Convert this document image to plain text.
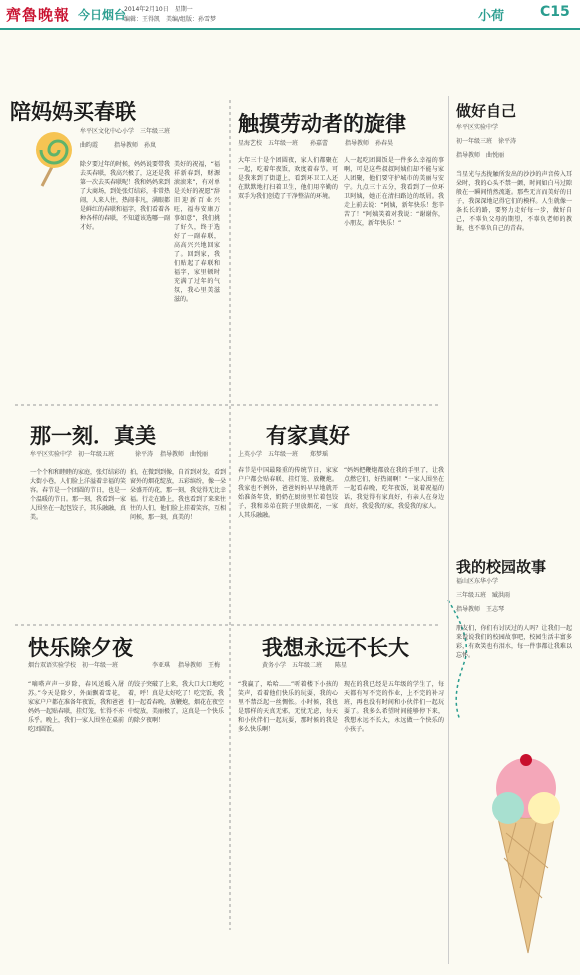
齊魯晚報 今日烟台
2014年2月10日　星期一
编辑：王得凯　美编/组版：孙雪梦	小荷	C15
陪妈妈买春联
牟平区文化中心小学　三年级三班
曲昀霞	指导教师　孙岚
除夕要过年的时候，妈妈说要带我去买春联，我高兴极了，这还是我第一次去买春联呢！我和妈妈来到了大商场，到处张灯结彩，非常热闹，人来人往，热闹非凡，满眼都是鲜红的春联和福字，我们看着各种各样的春联，不知道该选哪一副才好。
美好的祝福，“福祥新春到，财源滚滚来”，有对单是关好的祝愿“辞旧迎新百业兴旺，福寿安康万事如意”，我们挑了好久，终于选好了一副春联，高高兴兴地回家了。回到家，我们贴起了春联和福字，家里顿时充满了过年的气氛，我心里美滋滋的。
触摸劳动者的旋律
星海艺校　五年级一班	孙嘉蕾	指导教师　孙春昊
大年三十是个团圆夜，家人们都聚在一起，吃着年夜饭，欢度着春节。可是我来到了街道上，看到环卫工人还在默默地打扫着卫生，他们用辛勤的双手为我们创造了干净整洁的环境。
人一起吃团圆饭是一件多么幸福的事啊，可是这些叔叔阿姨们却不能与家人团聚，他们要守护城市的美丽与安宁。九点三十五分，我看到了一位环卫阿姨，她正在清扫路边的纸屑。我走上前去说：“阿姨，新年快乐！您辛苦了！”阿姨笑着对我说：“谢谢你，小朋友，新年快乐！”
那一刻．真美
牟平区实验中学　初一年级五班	徐平涛 指导教师　曲悦丽
一个个和和睦睦的家庭，张灯结彩的大街小巷，人们脸上洋溢着幸福的笑容。春节是一个团圆的节日，也是一个温暖的节日。那一刻，我看到一家人围坐在一起包饺子，其乐融融，真美。
拍，在微到到像，自首到对发，看到窗外的烟花绽放，五彩缤纷，像一朵朵盛开的花，那一刻，我觉得无比幸福。行走在路上，我也看到了来来往往的人们，他们脸上挂着笑容，互相问候，那一刻，真美的！
有家真好
上英小学　五年级一班 郑梦瑶
春节是中国最隆重的传统节日，家家户户都会贴春联、挂灯笼、放鞭炮。我家也不例外，爸爸妈妈早早地就开始准备年货，奶奶在厨房里忙着包饺子，我和弟弟在院子里放烟花，一家人其乐融融。
“妈妈把鞭炮都放在我的手里了，让我点燃它们，好热闹啊！”一家人围坐在一起看春晚，吃年夜饭，说着祝福的话，我觉得有家真好，有亲人在身边真好，我爱我的家，我爱我的家人。
快乐除夕夜
烟台双语实验学校　初一年级一班	李亚琪 指导教师　王梅
“嘀嗒声声一岁除，春风送暖入屠苏。”今天是除夕，外面飘着雪花，家家户户都在准备年夜饭，我和爸爸妈妈一起贴春联，挂灯笼，忙得不亦乐乎。晚上，我们一家人围坐在桌前吃团圆饭。
的饺子突破了上来，我大口大口地吃着，呼！真是太好吃了！吃完饭，我们一起看春晚，放鞭炮，烟花在夜空中绽放，美丽极了，这真是一个快乐的除夕夜啊！
我想永远不长大
黄务小学　五年级二班 陈星
“我赢了，哈哈……”听着楼下小孩的笑声，看着他们快乐的玩耍，我的心里不禁泛起一丝惆怅。小时候，我也是那样的天真无邪，无忧无虑，每天和小伙伴们一起玩耍，那时候的我是多么快乐啊！
现在的我已经是五年级的学生了，每天都有写不完的作业，上不完的补习班，再也没有时间和小伙伴们一起玩耍了。我多么希望时间能够停下来，我想永远不长大，永远做一个快乐的小孩子。
做好自己
牟平区实验中学
初一年级三班　徐平涛
指导教师　曲悦丽
当星光与杰拢触所发出的沙沙的声音传入耳朵时，我的心头不禁一颤，时间如白马过隙般在一瞬间悄然流逝。那些无言而美好的日子，我深深地记得它们的模样。人生就像一条长长的路，要努力走好每一步，做好自己，不辜负父母的期望，不辜负老师的教诲，也不辜负自己的青春。
我的校园故事
福山区东华小学
三年级五班　臧洪雨
指导教师　王志琴
朋友们，你们有讨厌过的人吗？让我们一起来说说我们的校园故事吧，校园生活丰富多彩，有欢笑也有泪水，每一件事都让我难以忘怀。
